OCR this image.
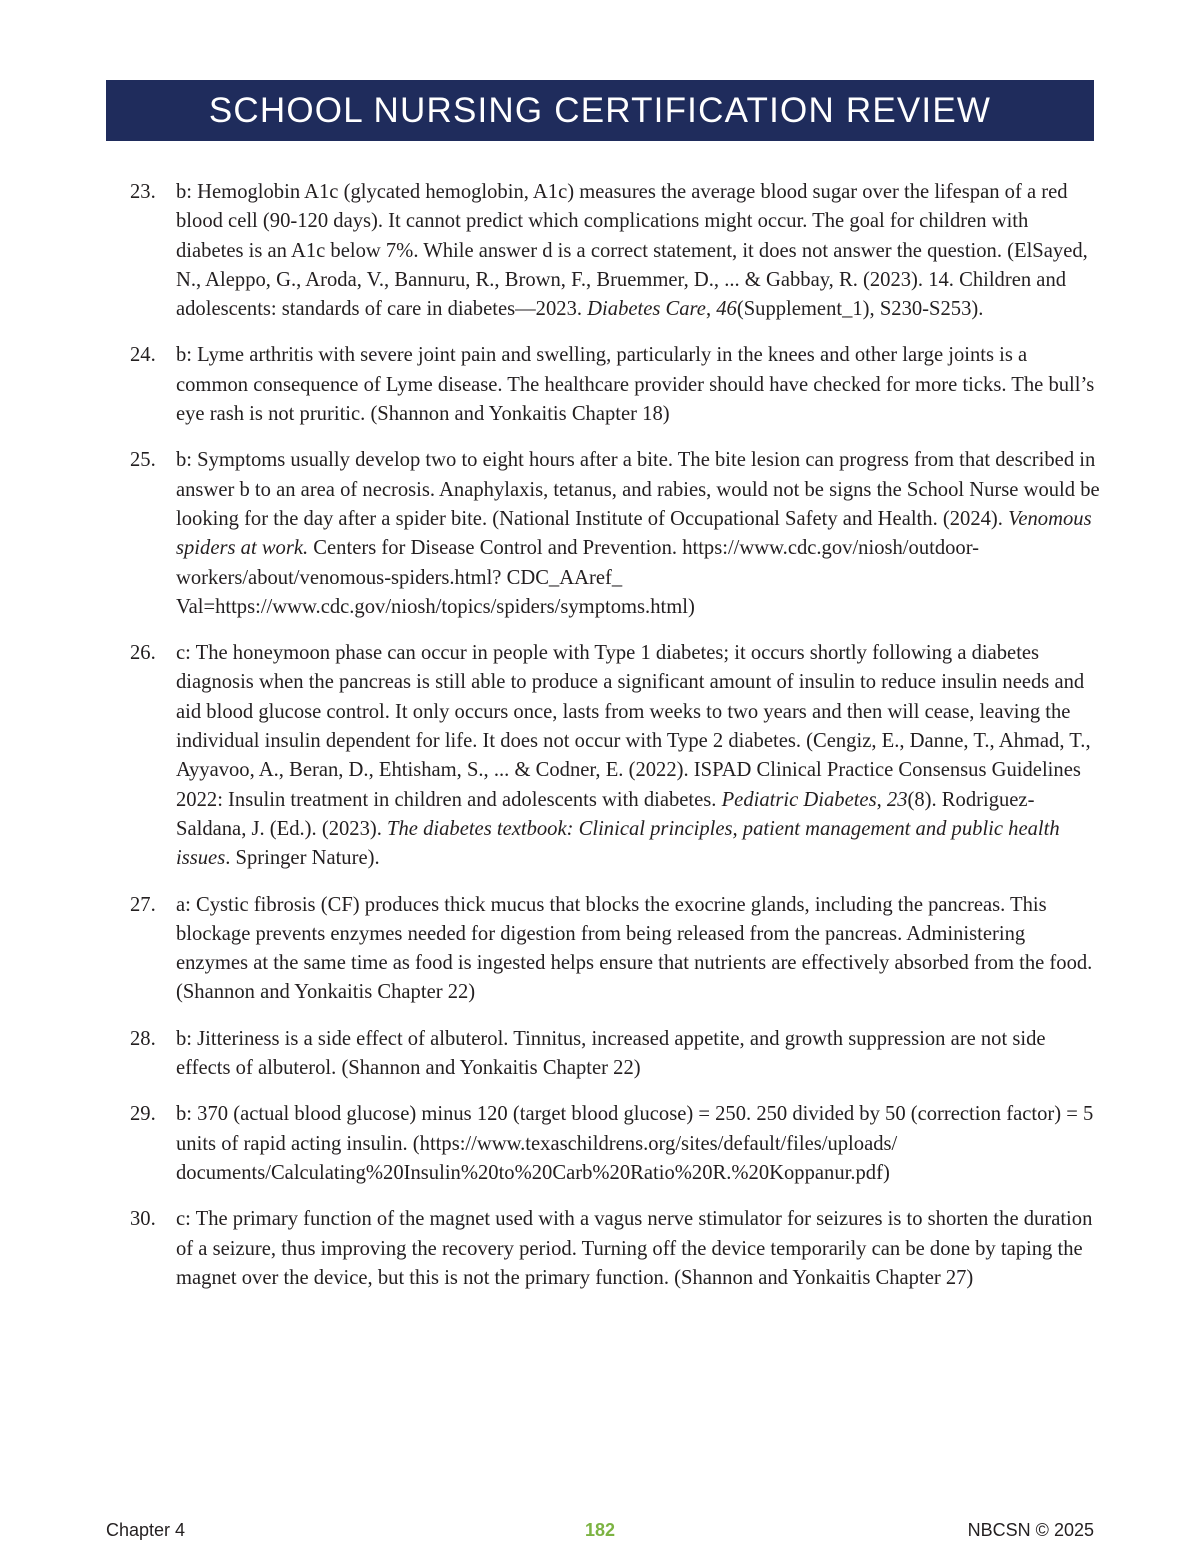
SCHOOL NURSING CERTIFICATION REVIEW
23. b: Hemoglobin A1c (glycated hemoglobin, A1c) measures the average blood sugar over the lifespan of a red blood cell (90-120 days). It cannot predict which complications might occur. The goal for children with diabetes is an A1c below 7%. While answer d is a correct statement, it does not answer the question. (ElSayed, N., Aleppo, G., Aroda, V., Bannuru, R., Brown, F., Bruemmer, D., ... & Gabbay, R. (2023). 14. Children and adolescents: standards of care in diabetes—2023. Diabetes Care, 46(Supplement_1), S230-S253).
24. b: Lyme arthritis with severe joint pain and swelling, particularly in the knees and other large joints is a common consequence of Lyme disease. The healthcare provider should have checked for more ticks. The bull’s eye rash is not pruritic. (Shannon and Yonkaitis Chapter 18)
25. b: Symptoms usually develop two to eight hours after a bite. The bite lesion can progress from that described in answer b to an area of necrosis. Anaphylaxis, tetanus, and rabies, would not be signs the School Nurse would be looking for the day after a spider bite. (National Institute of Occupational Safety and Health. (2024). Venomous spiders at work. Centers for Disease Control and Prevention. https://www.cdc.gov/niosh/outdoor-workers/about/venomous-spiders.html? CDC_AAref_ Val=https://www.cdc.gov/niosh/topics/spiders/symptoms.html)
26. c: The honeymoon phase can occur in people with Type 1 diabetes; it occurs shortly following a diabetes diagnosis when the pancreas is still able to produce a significant amount of insulin to reduce insulin needs and aid blood glucose control. It only occurs once, lasts from weeks to two years and then will cease, leaving the individual insulin dependent for life. It does not occur with Type 2 diabetes. (Cengiz, E., Danne, T., Ahmad, T., Ayyavoo, A., Beran, D., Ehtisham, S., ... & Codner, E. (2022). ISPAD Clinical Practice Consensus Guidelines 2022: Insulin treatment in children and adolescents with diabetes. Pediatric Diabetes, 23(8). Rodriguez-Saldana, J. (Ed.). (2023). The diabetes textbook: Clinical principles, patient management and public health issues. Springer Nature).
27. a: Cystic fibrosis (CF) produces thick mucus that blocks the exocrine glands, including the pancreas. This blockage prevents enzymes needed for digestion from being released from the pancreas. Administering enzymes at the same time as food is ingested helps ensure that nutrients are effectively absorbed from the food. (Shannon and Yonkaitis Chapter 22)
28. b: Jitteriness is a side effect of albuterol. Tinnitus, increased appetite, and growth suppression are not side effects of albuterol. (Shannon and Yonkaitis Chapter 22)
29. b: 370 (actual blood glucose) minus 120 (target blood glucose) = 250. 250 divided by 50 (correction factor) = 5 units of rapid acting insulin. (https://www.texaschildrens.org/sites/default/files/uploads/ documents/Calculating%20Insulin%20to%20Carb%20Ratio%20R.%20Koppanur.pdf)
30. c: The primary function of the magnet used with a vagus nerve stimulator for seizures is to shorten the duration of a seizure, thus improving the recovery period. Turning off the device temporarily can be done by taping the magnet over the device, but this is not the primary function. (Shannon and Yonkaitis Chapter 27)
Chapter 4	182	NBCSN © 2025
